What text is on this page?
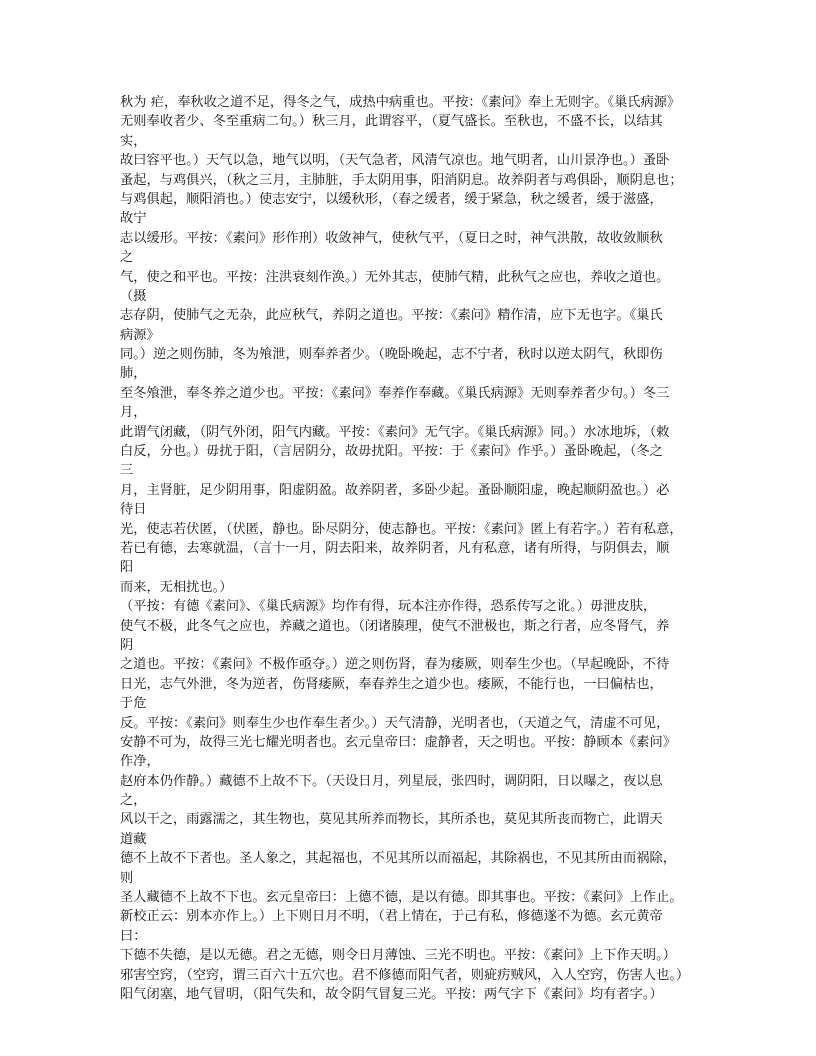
秋为 疟，奉秋收之道不足，得冬之气，成热中病重也。平按：《素问》奉上无则字。《巢氏病源》
无则奉收者少、冬至重病二句。）秋三月，此谓容平，（夏气盛长。至秋也，不盛不长，以结其
实，
故曰容平也。）天气以急，地气以明，（天气急者，风清气凉也。地气明者，山川景净也。）蚤卧
蚤起，与鸡俱兴，（秋之三月，主肺脏，手太阴用事，阳消阴息。故养阴者与鸡俱卧，顺阴息也；
与鸡俱起，顺阳消也。）使志安宁，以缓秋形，（春之缓者，缓于紧急，秋之缓者，缓于滋盛，
故宁
志以缓形。平按：《素问》形作刑）收敛神气，使秋气平，（夏日之时，神气洪散，故收敛顺秋
之
气，使之和平也。平按：注洪衰刻作涣。）无外其志，使肺气精，此秋气之应也，养收之道也。
（摄
志存阴，使肺气之无杂，此应秋气，养阴之道也。平按：《素问》精作清，应下无也字。《巢氏
病源》
同。）逆之则伤肺，冬为飧泄，则奉养者少。（晚卧晚起，志不宁者，秋时以逆太阴气，秋即伤
肺，
至冬飧泄，奉冬养之道少也。平按：《素问》奉养作奉藏。《巢氏病源》无则奉养者少句。）冬三
月，
此谓气闭藏，（阴气外闭，阳气内藏。平按：《素问》无气字。《巢氏病源》同。）水冰地坼，（敕
白反，分也。）毋扰于阳，（言居阴分，故毋扰阳。平按：于《素问》作乎。）蚤卧晚起，（冬之
三
月，主肾脏，足少阴用事，阳虚阴盈。故养阴者，多卧少起。蚤卧顺阳虚，晚起顺阴盈也。）必
待日
光，使志若伏匿，（伏匿，静也。卧尽阴分，使志静也。平按：《素问》匿上有若字。）若有私意，
若已有德，去寒就温，（言十一月，阴去阳来，故养阴者，凡有私意，诸有所得，与阴俱去，顺
阳
而来，无相扰也。）
（平按：有德《素问》、《巢氏病源》均作有得，玩本注亦作得，恐系传写之讹。）毋泄皮肤，
使气不极，此冬气之应也，养藏之道也。（闭诸腠理，使气不泄极也，斯之行者，应冬肾气，养
阴
之道也。平按：《素问》不极作亟夺。）逆之则伤肾，春为痿厥，则奉生少也。（早起晚卧，不待
日光，志气外泄，冬为逆者，伤肾痿厥，奉春养生之道少也。痿厥，不能行也，一曰偏枯也，
于危
反。平按：《素问》则奉生少也作奉生者少。）天气清静，光明者也，（天道之气，清虚不可见，
安静不可为，故得三光七耀光明者也。玄元皇帝曰：虚静者，天之明也。平按：静顾本《素问》
作净，
赵府本仍作静。）藏德不上故不下。（天设日月，列星辰，张四时，调阴阳，日以曝之，夜以息
之，
风以干之，雨露濡之，其生物也，莫见其所养而物长，其所杀也，莫见其所丧而物亡，此谓天
道藏
德不上故不下者也。圣人象之，其起福也，不见其所以而福起，其除祸也，不见其所由而祸除，
则
圣人藏德不上故不下也。玄元皇帝曰：上德不德，是以有德。即其事也。平按：《素问》上作止。
新校正云：别本亦作上。）上下则日月不明，（君上情在，于己有私，修德遂不为德。玄元黄帝
曰：
下德不失德，是以无德。君之无德，则令日月薄蚀、三光不明也。平按：《素问》上下作天明。）
邪害空窍，（空窍，谓三百六十五穴也。君不修德而阳气者，则疵疠贼风，入人空窍，伤害人也。）
阳气闭塞，地气冒明，（阳气失和，故令阴气冒复三光。平按：两气字下《素问》均有者字。）
